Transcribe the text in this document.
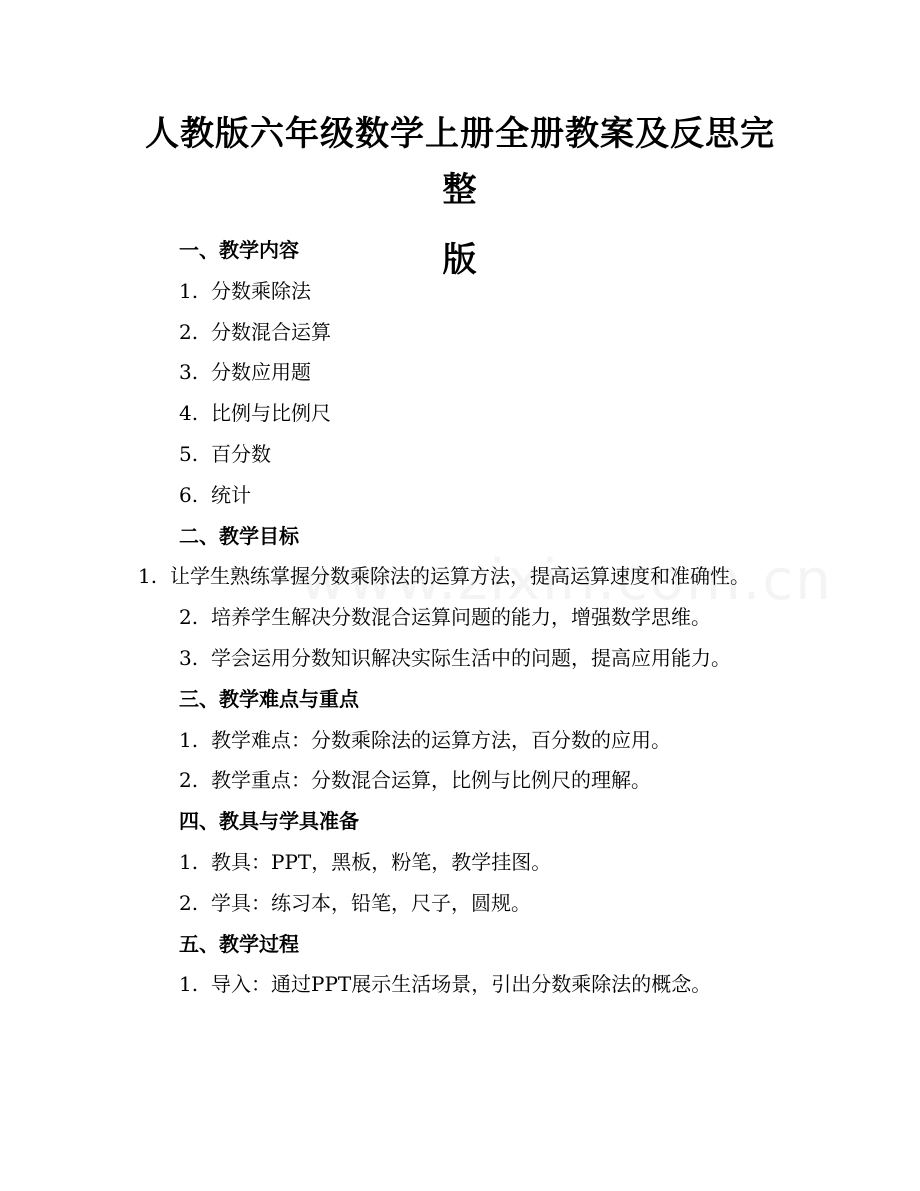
人教版六年级数学上册全册教案及反思完整
版
一、教学内容
1. 分数乘除法
2. 分数混合运算
3. 分数应用题
4. 比例与比例尺
5. 百分数
6. 统计
二、教学目标
1. 让学生熟练掌握分数乘除法的运算方法，提高运算速度和准确性。
2. 培养学生解决分数混合运算问题的能力，增强数学思维。
3. 学会运用分数知识解决实际生活中的问题，提高应用能力。
三、教学难点与重点
1. 教学难点：分数乘除法的运算方法，百分数的应用。
2. 教学重点：分数混合运算，比例与比例尺的理解。
四、教具与学具准备
1. 教具：PPT，黑板，粉笔，教学挂图。
2. 学具：练习本，铅笔，尺子，圆规。
五、教学过程
1. 导入：通过PPT展示生活场景，引出分数乘除法的概念。
